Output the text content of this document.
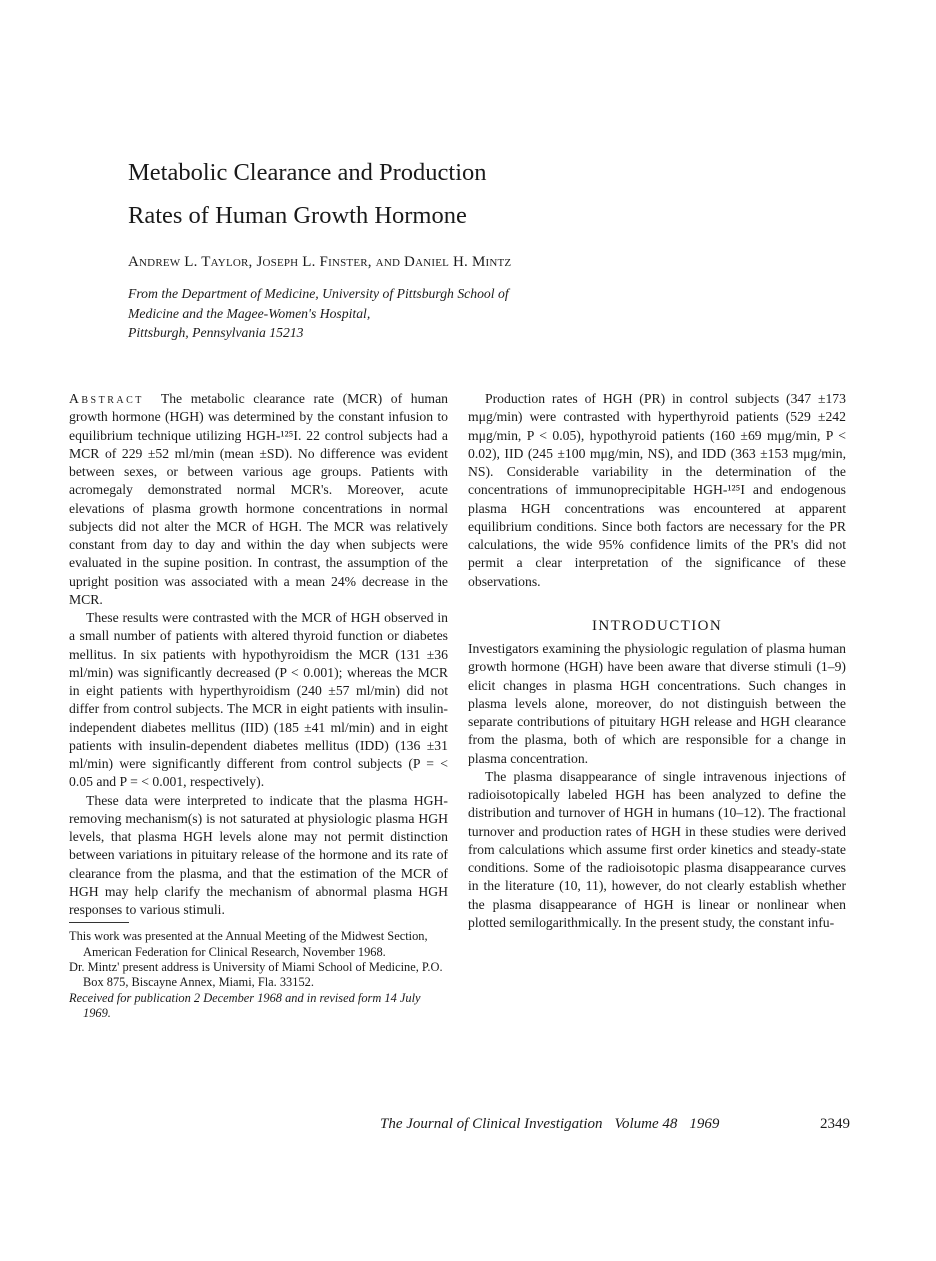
Metabolic Clearance and Production
Rates of Human Growth Hormone
Andrew L. Taylor, Joseph L. Finster, and Daniel H. Mintz
From the Department of Medicine, University of Pittsburgh School of
Medicine and the Magee-Women's Hospital,
Pittsburgh, Pennsylvania 15213

Abstract The metabolic clearance rate (MCR) of human growth hormone (HGH) was determined by the constant infusion to equilibrium technique utilizing HGH-¹²⁵I. 22 control subjects had a MCR of 229 ±52 ml/min (mean ±SD). No difference was evident between sexes, or between various age groups. Patients with acromegaly demonstrated normal MCR's. Moreover, acute elevations of plasma growth hormone concentrations in normal subjects did not alter the MCR of HGH. The MCR was relatively constant from day to day and within the day when subjects were evaluated in the supine position. In contrast, the assumption of the upright position was associated with a mean 24% decrease in the MCR.

These results were contrasted with the MCR of HGH observed in a small number of patients with altered thyroid function or diabetes mellitus. In six patients with hypothyroidism the MCR (131 ±36 ml/min) was significantly decreased (P < 0.001); whereas the MCR in eight patients with hyperthyroidism (240 ±57 ml/min) did not differ from control subjects. The MCR in eight patients with insulin-independent diabetes mellitus (IID) (185 ±41 ml/min) and in eight patients with insulin-dependent diabetes mellitus (IDD) (136 ±31 ml/min) were significantly different from control subjects (P = < 0.05 and P = < 0.001, respectively).

These data were interpreted to indicate that the plasma HGH-removing mechanism(s) is not saturated at physiologic plasma HGH levels, that plasma HGH levels alone may not permit distinction between variations in pituitary release of the hormone and its rate of clearance from the plasma, and that the estimation of the MCR of HGH may help clarify the mechanism of abnormal plasma HGH responses to various stimuli.

This work was presented at the Annual Meeting of the Midwest Section, American Federation for Clinical Research, November 1968.

Dr. Mintz' present address is University of Miami School of Medicine, P.O. Box 875, Biscayne Annex, Miami, Fla. 33152.

Received for publication 2 December 1968 and in revised form 14 July 1969.

Production rates of HGH (PR) in control subjects (347 ±173 mμg/min) were contrasted with hyperthyroid patients (529 ±242 mμg/min, P < 0.05), hypothyroid patients (160 ±69 mμg/min, P < 0.02), IID (245 ±100 mμg/min, NS), and IDD (363 ±153 mμg/min, NS). Considerable variability in the determination of the concentrations of immunoprecipitable HGH-¹²⁵I and endogenous plasma HGH concentrations was encountered at apparent equilibrium conditions. Since both factors are necessary for the PR calculations, the wide 95% confidence limits of the PR's did not permit a clear interpretation of the significance of these observations.

INTRODUCTION

Investigators examining the physiologic regulation of plasma human growth hormone (HGH) have been aware that diverse stimuli (1–9) elicit changes in plasma HGH concentrations. Such changes in plasma levels alone, moreover, do not distinguish between the separate contributions of pituitary HGH release and HGH clearance from the plasma, both of which are responsible for a change in plasma concentration.

The plasma disappearance of single intravenous injections of radioisotopically labeled HGH has been analyzed to define the distribution and turnover of HGH in humans (10–12). The fractional turnover and production rates of HGH in these studies were derived from calculations which assume first order kinetics and steady-state conditions. Some of the radioisotopic plasma disappearance curves in the literature (10, 11), however, do not clearly establish whether the plasma disappearance of HGH is linear or nonlinear when plotted semilogarithmically. In the present study, the constant infu-

The Journal of Clinical Investigation Volume 48 1969	2349
